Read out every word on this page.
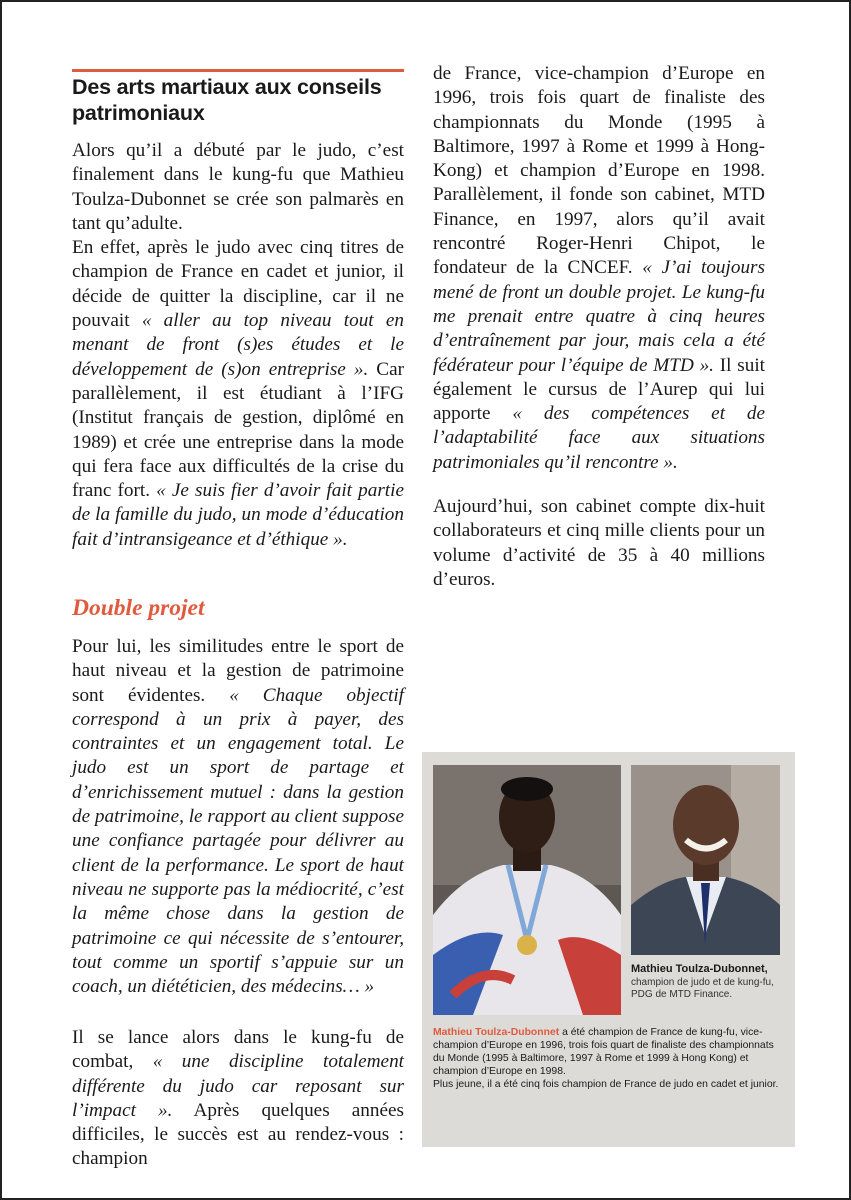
Des arts martiaux aux conseils patrimoniaux

Alors qu’il a débuté par le judo, c’est finalement dans le kung-fu que Mathieu Toulza-Dubonnet se crée son palmarès en tant qu’adulte.

En effet, après le judo avec cinq titres de champion de France en cadet et junior, il décide de quitter la discipline, car il ne pouvait « aller au top niveau tout en menant de front (s)es études et le développement de (s)on entreprise ». Car parallèlement, il est étudiant à l’IFG (Institut français de gestion, diplômé en 1989) et crée une entreprise dans la mode qui fera face aux difficultés de la crise du franc fort. « Je suis fier d’avoir fait partie de la famille du judo, un mode d’éducation fait d’intransigeance et d’éthique ».

Double projet

Pour lui, les similitudes entre le sport de haut niveau et la gestion de patrimoine sont évidentes. « Chaque objectif correspond à un prix à payer, des contraintes et un engagement total. Le judo est un sport de partage et d’enrichissement mutuel : dans la gestion de patrimoine, le rapport au client suppose une confiance partagée pour délivrer au client de la performance. Le sport de haut niveau ne supporte pas la médiocrité, c’est la même chose dans la gestion de patrimoine ce qui nécessite de s’entourer, tout comme un sportif s’appuie sur un coach, un diététicien, des médecins… »

Il se lance alors dans le kung-fu de combat, « une discipline totalement différente du judo car reposant sur l’impact ». Après quelques années difficiles, le succès est au rendez-vous : champion

de France, vice-champion d’Europe en 1996, trois fois quart de finaliste des championnats du Monde (1995 à Baltimore, 1997 à Rome et 1999 à Hong-Kong) et champion d’Europe en 1998. Parallèlement, il fonde son cabinet, MTD Finance, en 1997, alors qu’il avait rencontré Roger-Henri Chipot, le fondateur de la CNCEF. « J’ai toujours mené de front un double projet. Le kung-fu me prenait entre quatre à cinq heures d’entraînement par jour, mais cela a été fédérateur pour l’équipe de MTD ». Il suit également le cursus de l’Aurep qui lui apporte « des compétences et de l’adaptabilité face aux situations patrimoniales qu’il rencontre ».

Aujourd’hui, son cabinet compte dix-huit collaborateurs et cinq mille clients pour un volume d’activité de 35 à 40 millions d’euros.

Mathieu Toulza-Dubonnet,
champion de judo et de kung-fu, PDG de MTD Finance.
Mathieu Toulza-Dubonnet a été champion de France de kung-fu, vice-champion d’Europe en 1996, trois fois quart de finaliste des championnats du Monde (1995 à Baltimore, 1997 à Rome et 1999 à Hong Kong) et champion d’Europe en 1998.
Plus jeune, il a été cinq fois champion de France de judo en cadet et junior.
